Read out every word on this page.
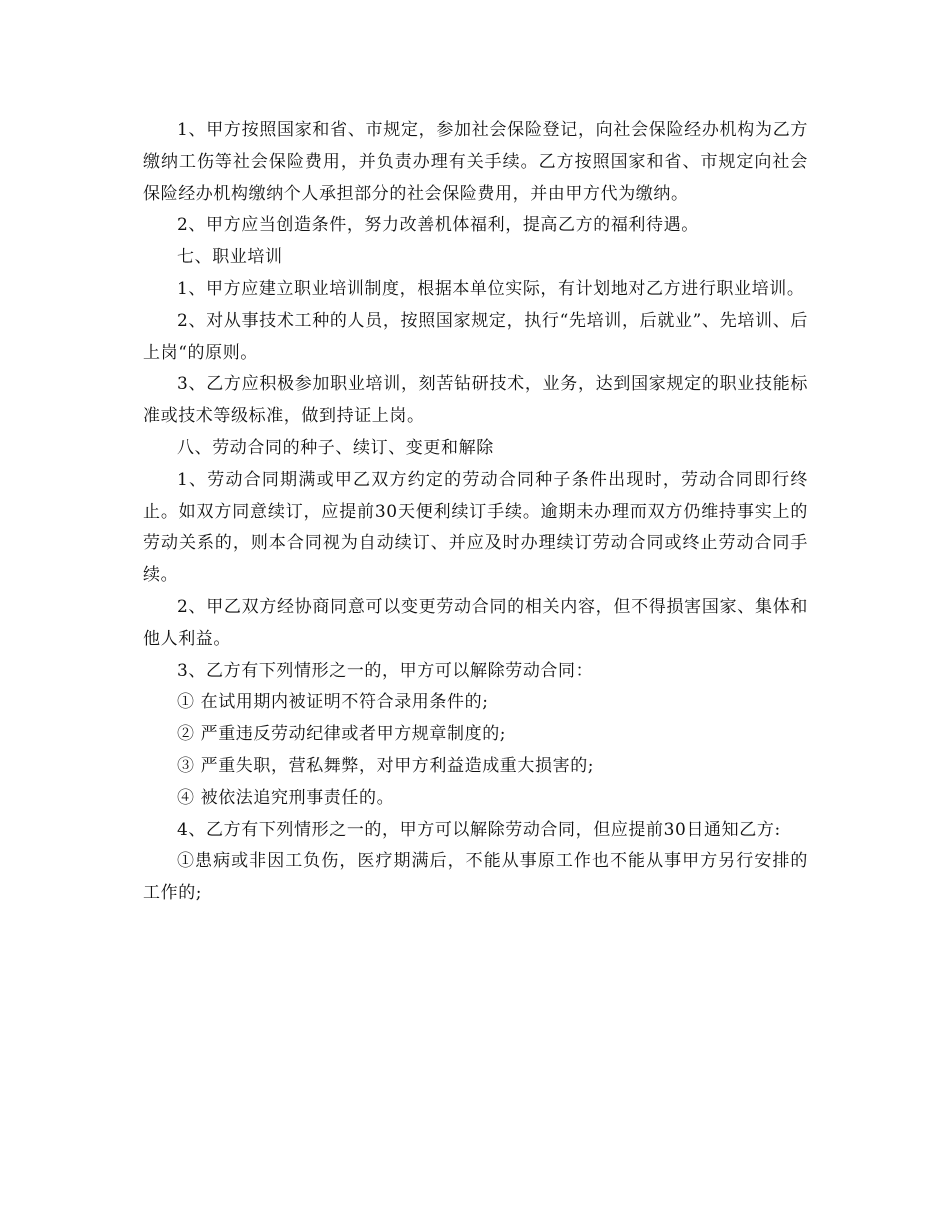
1、甲方按照国家和省、市规定，参加社会保险登记，向社会保险经办机构为乙方缴纳工伤等社会保险费用，并负责办理有关手续。乙方按照国家和省、市规定向社会保险经办机构缴纳个人承担部分的社会保险费用，并由甲方代为缴纳。

2、甲方应当创造条件，努力改善机体福利，提高乙方的福利待遇。

七、职业培训

1、甲方应建立职业培训制度，根据本单位实际，有计划地对乙方进行职业培训。

2、对从事技术工种的人员，按照国家规定，执行“先培训，后就业”、先培训、后上岗“的原则。

3、乙方应积极参加职业培训，刻苦钻研技术，业务，达到国家规定的职业技能标准或技术等级标准，做到持证上岗。

八、劳动合同的种子、续订、变更和解除

1、劳动合同期满或甲乙双方约定的劳动合同种子条件出现时，劳动合同即行终止。如双方同意续订，应提前30天便利续订手续。逾期未办理而双方仍维持事实上的劳动关系的，则本合同视为自动续订、并应及时办理续订劳动合同或终止劳动合同手续。

2、甲乙双方经协商同意可以变更劳动合同的相关内容，但不得损害国家、集体和他人利益。

3、乙方有下列情形之一的，甲方可以解除劳动合同：

① 在试用期内被证明不符合录用条件的;

② 严重违反劳动纪律或者甲方规章制度的;

③ 严重失职，营私舞弊，对甲方利益造成重大损害的;

④ 被依法追究刑事责任的。

4、乙方有下列情形之一的，甲方可以解除劳动合同，但应提前30日通知乙方:

①患病或非因工负伤，医疗期满后，不能从事原工作也不能从事甲方另行安排的工作的;
